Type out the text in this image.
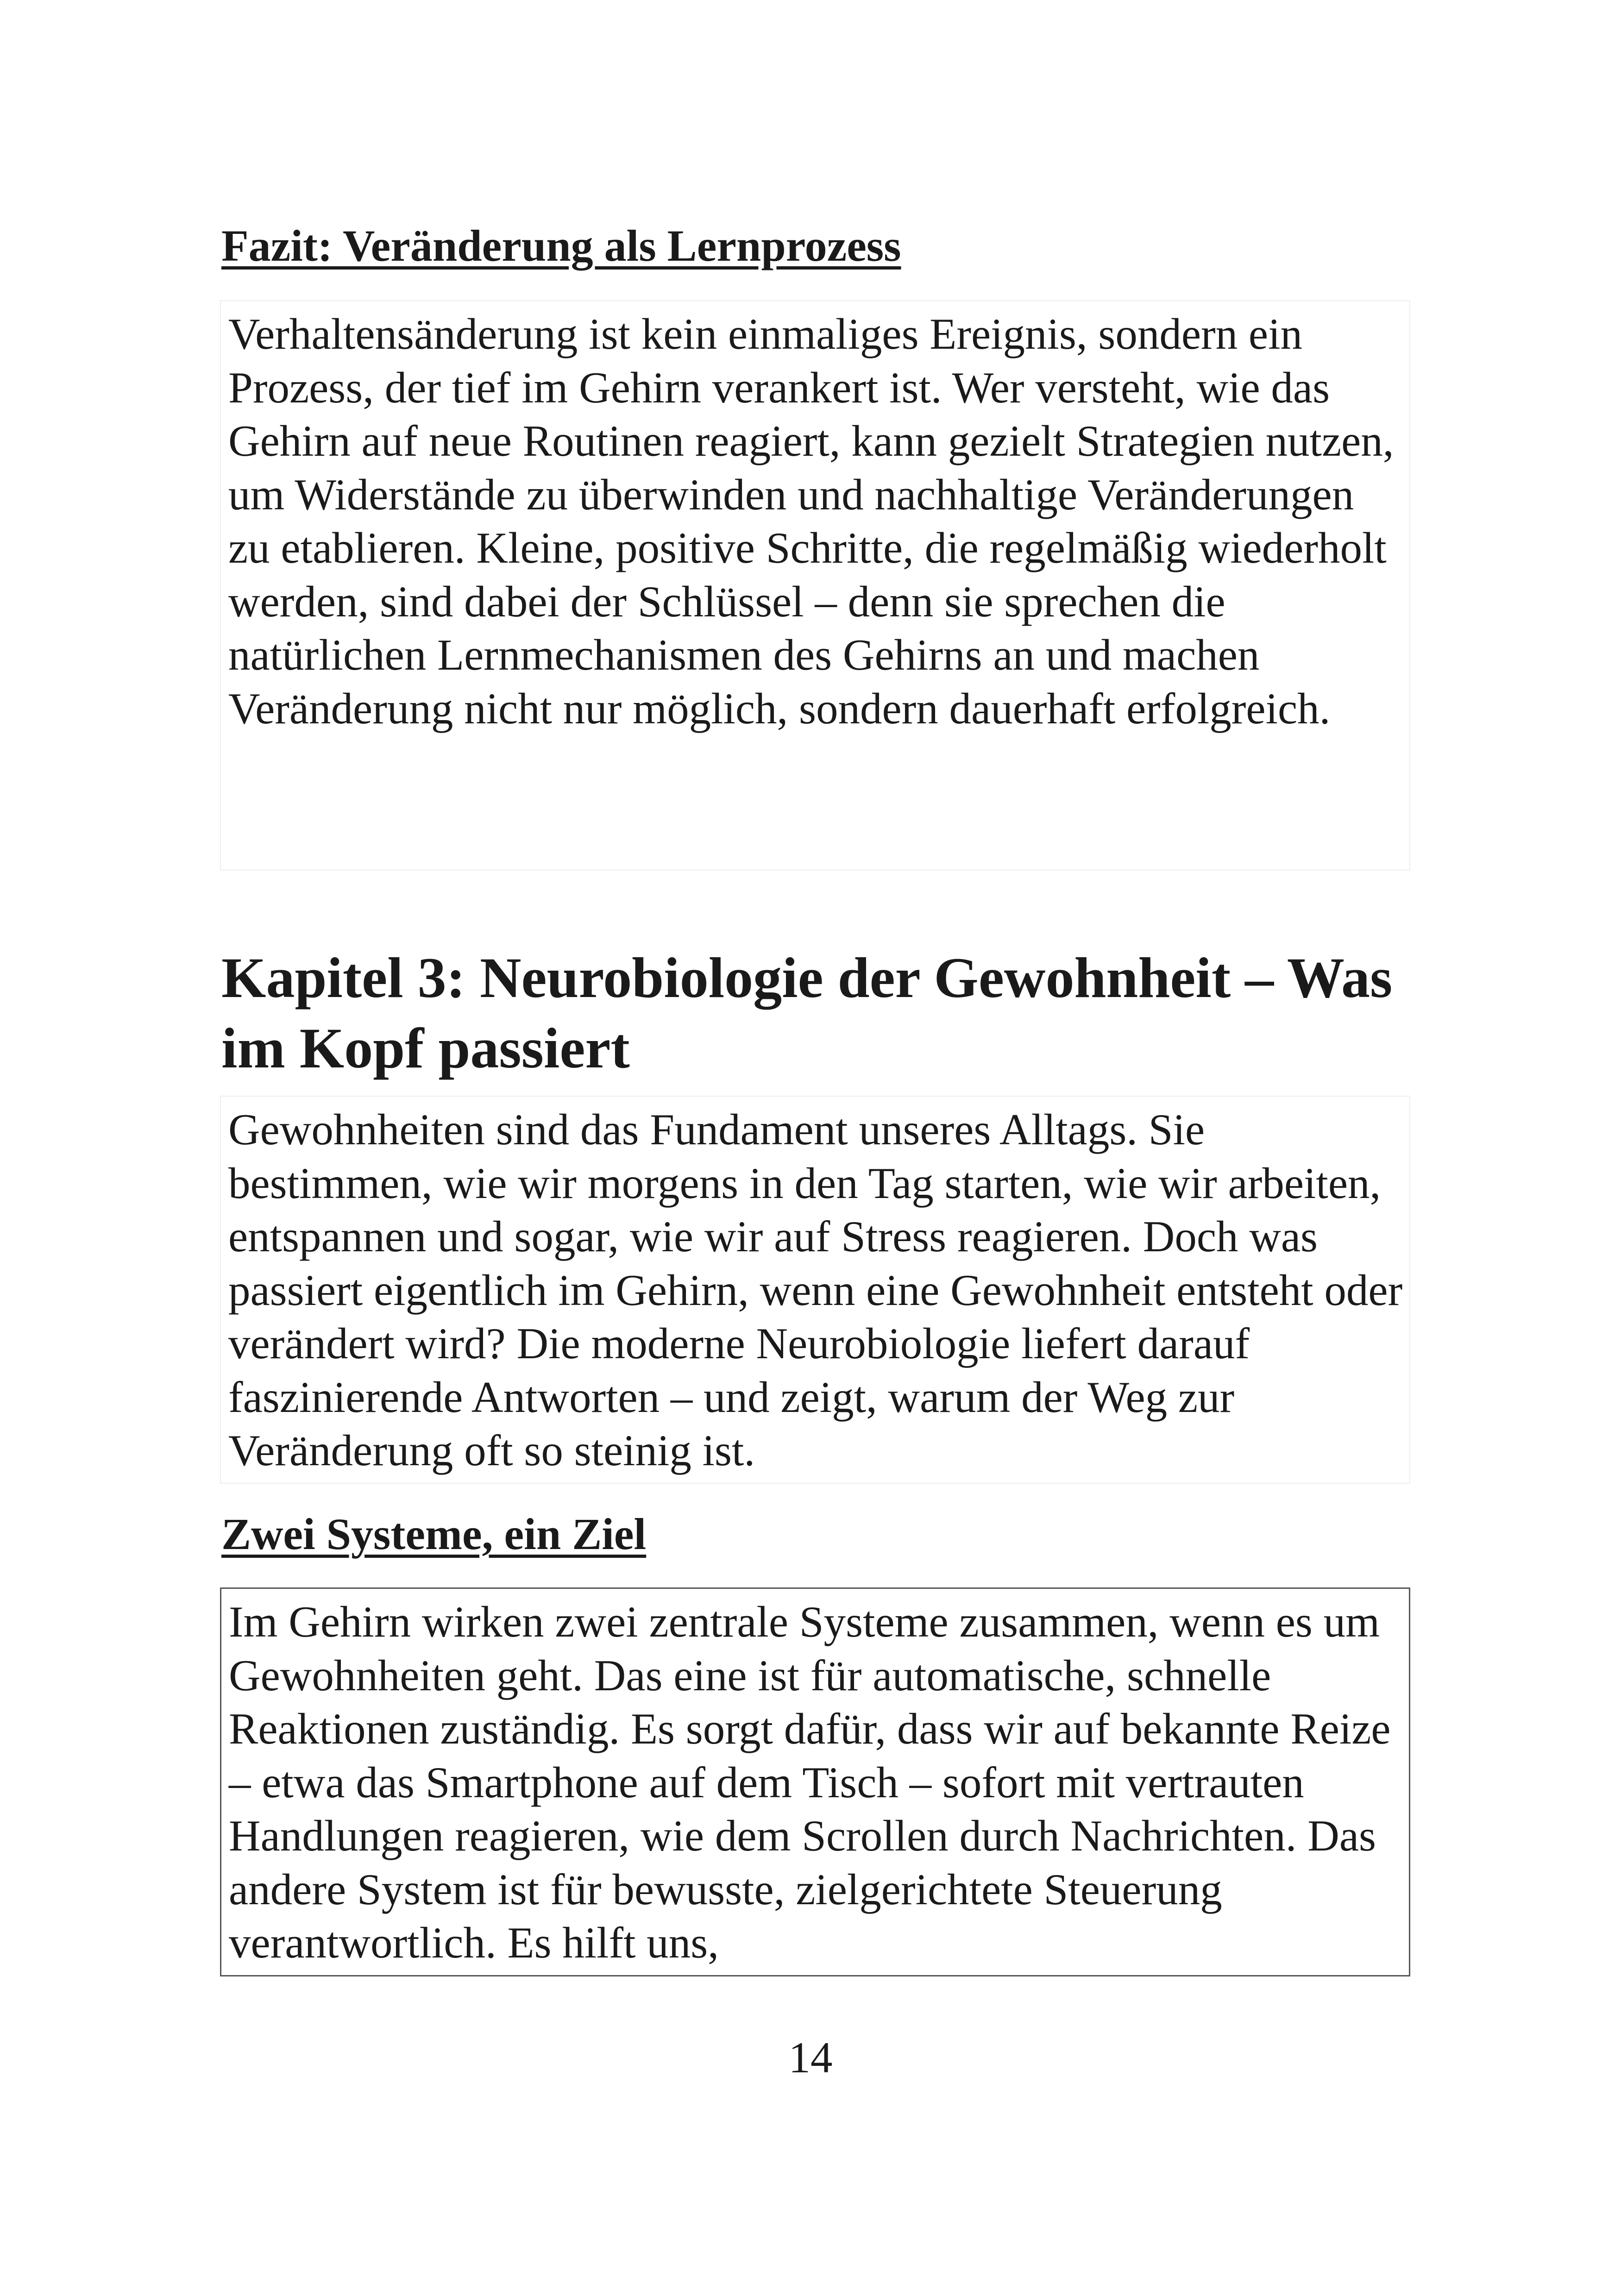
Fazit: Veränderung als Lernprozess
Verhaltensänderung ist kein einmaliges Ereignis, sondern ein Prozess, der tief im Gehirn verankert ist. Wer versteht, wie das Gehirn auf neue Routinen reagiert, kann gezielt Strategien nutzen, um Widerstände zu überwinden und nachhaltige Veränderungen zu etablieren. Kleine, positive Schritte, die regelmäßig wiederholt werden, sind dabei der Schlüssel – denn sie sprechen die natürlichen Lernmechanismen des Gehirns an und machen Veränderung nicht nur möglich, sondern dauerhaft erfolgreich.
Kapitel 3: Neurobiologie der Gewohnheit – Was im Kopf passiert
Gewohnheiten sind das Fundament unseres Alltags. Sie bestimmen, wie wir morgens in den Tag starten, wie wir arbeiten, entspannen und sogar, wie wir auf Stress reagieren. Doch was passiert eigentlich im Gehirn, wenn eine Gewohnheit entsteht oder verändert wird? Die moderne Neurobiologie liefert darauf faszinierende Antworten – und zeigt, warum der Weg zur Veränderung oft so steinig ist.
Zwei Systeme, ein Ziel
Im Gehirn wirken zwei zentrale Systeme zusammen, wenn es um Gewohnheiten geht. Das eine ist für automatische, schnelle Reaktionen zuständig. Es sorgt dafür, dass wir auf bekannte Reize – etwa das Smartphone auf dem Tisch – sofort mit vertrauten Handlungen reagieren, wie dem Scrollen durch Nachrichten. Das andere System ist für bewusste, zielgerichtete Steuerung verantwortlich. Es hilft uns,
14
